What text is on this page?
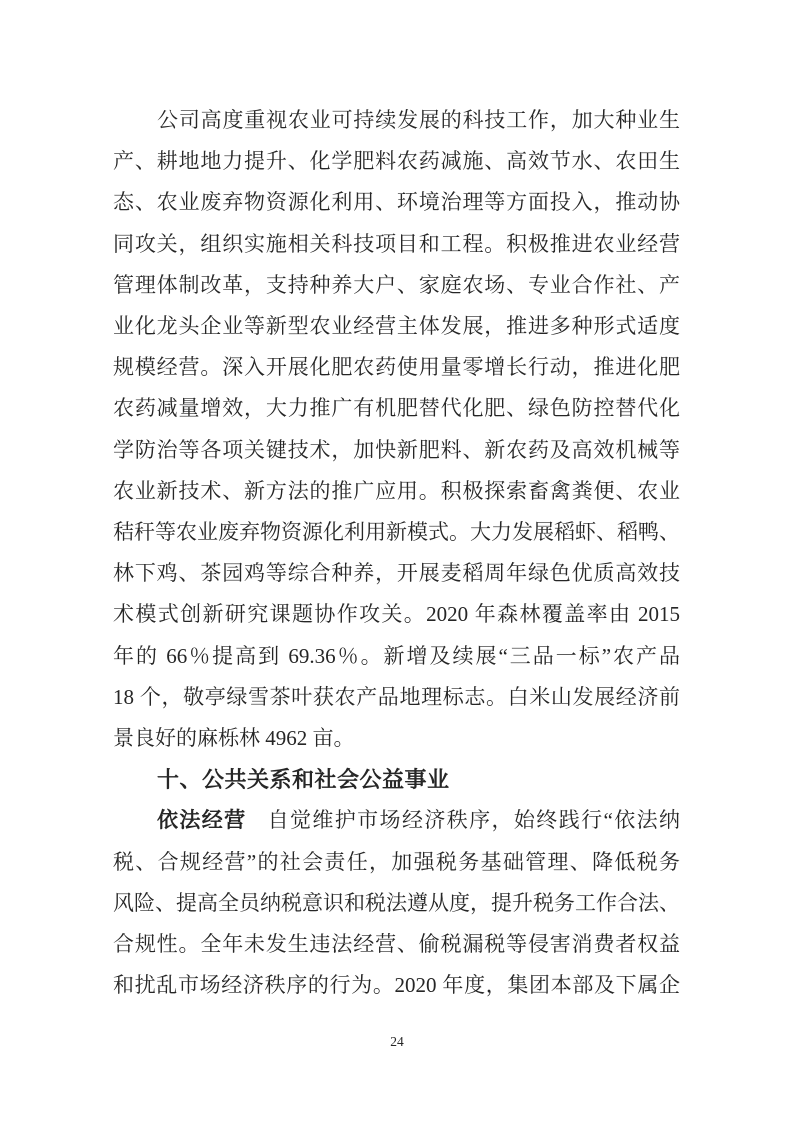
公司高度重视农业可持续发展的科技工作，加大种业生
产、耕地地力提升、化学肥料农药减施、高效节水、农田生
态、农业废弃物资源化利用、环境治理等方面投入，推动协
同攻关，组织实施相关科技项目和工程。积极推进农业经营
管理体制改革，支持种养大户、家庭农场、专业合作社、产
业化龙头企业等新型农业经营主体发展，推进多种形式适度
规模经营。深入开展化肥农药使用量零增长行动，推进化肥
农药减量增效，大力推广有机肥替代化肥、绿色防控替代化
学防治等各项关键技术，加快新肥料、新农药及高效机械等
农业新技术、新方法的推广应用。积极探索畜禽粪便、农业
秸秆等农业废弃物资源化利用新模式。大力发展稻虾、稻鸭、
林下鸡、茶园鸡等综合种养，开展麦稻周年绿色优质高效技
术模式创新研究课题协作攻关。2020 年森林覆盖率由 2015
年的 66％提高到 69.36％。新增及续展“三品一标”农产品
18 个，敬亭绿雪茶叶获农产品地理标志。白米山发展经济前
景良好的麻栎林 4962 亩。
十、公共关系和社会公益事业
依法经营 自觉维护市场经济秩序，始终践行“依法纳
税、合规经营”的社会责任，加强税务基础管理、降低税务
风险、提高全员纳税意识和税法遵从度，提升税务工作合法、
合规性。全年未发生违法经营、偷税漏税等侵害消费者权益
和扰乱市场经济秩序的行为。2020 年度，集团本部及下属企
24
